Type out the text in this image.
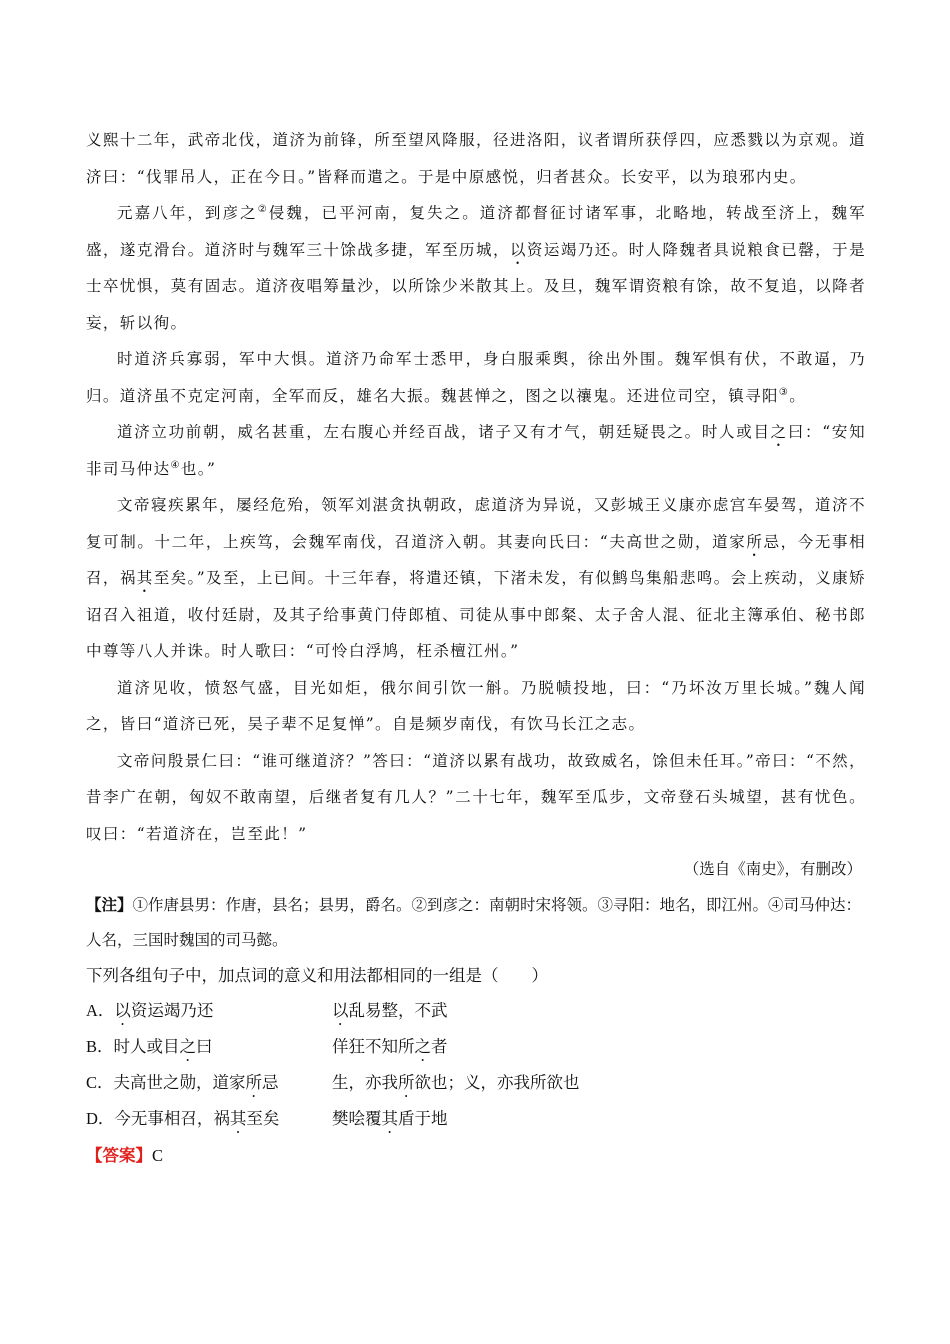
义熙十二年，武帝北伐，道济为前锋，所至望风降服，径进洛阳，议者谓所获俘四，应悉戮以为京观。道济曰：“伐罪吊人，正在今日。”皆释而遣之。于是中原感悦，归者甚众。长安平，以为琅邪内史。

元嘉八年，到彦之②侵魏，已平河南，复失之。道济都督征讨诸军事，北略地，转战至济上，魏军盛，遂克滑台。道济时与魏军三十馀战多捷，军至历城，以资运竭乃还。时人降魏者具说粮食已罄，于是士卒忧惧，莫有固志。道济夜唱筹量沙，以所馀少米散其上。及旦，魏军谓资粮有馀，故不复追，以降者妄，斩以徇。

时道济兵寡弱，军中大惧。道济乃命军士悉甲，身白服乘舆，徐出外围。魏军惧有伏，不敢逼，乃归。道济虽不克定河南，全军而反，雄名大振。魏甚惮之，图之以禳鬼。还进位司空，镇寻阳③。

道济立功前朝，威名甚重，左右腹心并经百战，诸子又有才气，朝廷疑畏之。时人或目之曰：“安知非司马仲达④也。”

文帝寝疾累年，屡经危殆，领军刘湛贪执朝政，虑道济为异说，又彭城王义康亦虑宫车晏驾，道济不复可制。十二年，上疾笃，会魏军南伐，召道济入朝。其妻向氏曰：“夫高世之勋，道家所忌，今无事相召，祸其至矣。”及至，上已间。十三年春，将遣还镇，下渚未发，有似鹪鸟集船悲鸣。会上疾动，义康矫诏召入祖道，收付廷尉，及其子给事黄门侍郎植、司徒从事中郎粲、太子舍人混、征北主簿承伯、秘书郎中尊等八人并诛。时人歌曰：“可怜白浮鸠，枉杀檀江州。”

道济见收，愤怒气盛，目光如炬，俄尔间引饮一斛。乃脱帻投地，曰：“乃坏汝万里长城。”魏人闻之，皆曰“道济已死，吴子辈不足复惮”。自是频岁南伐，有饮马长江之志。

文帝问殷景仁曰：“谁可继道济？”答曰：“道济以累有战功，故致威名，馀但未任耳。”帝曰：“不然，昔李广在朝，匈奴不敢南望，后继者复有几人？”二十七年，魏军至瓜步，文帝登石头城望，甚有忧色。叹曰：“若道济在，岂至此！”

（选自《南史》，有删改）
【注】①作唐县男：作唐，县名；县男，爵名。②到彦之：南朝时宋将领。③寻阳：地名，即江州。④司马仲达：人名，三国时魏国的司马懿。
下列各组句子中，加点词的意义和用法都相同的一组是（　　）
A．以资运竭乃还	以乱易整，不武
B．时人或目之曰	佯狂不知所之者
C．夫高世之勋，道家所忌	生，亦我所欲也；义，亦我所欲也
D．今无事相召，祸其至矣	樊哙覆其盾于地
【答案】C
